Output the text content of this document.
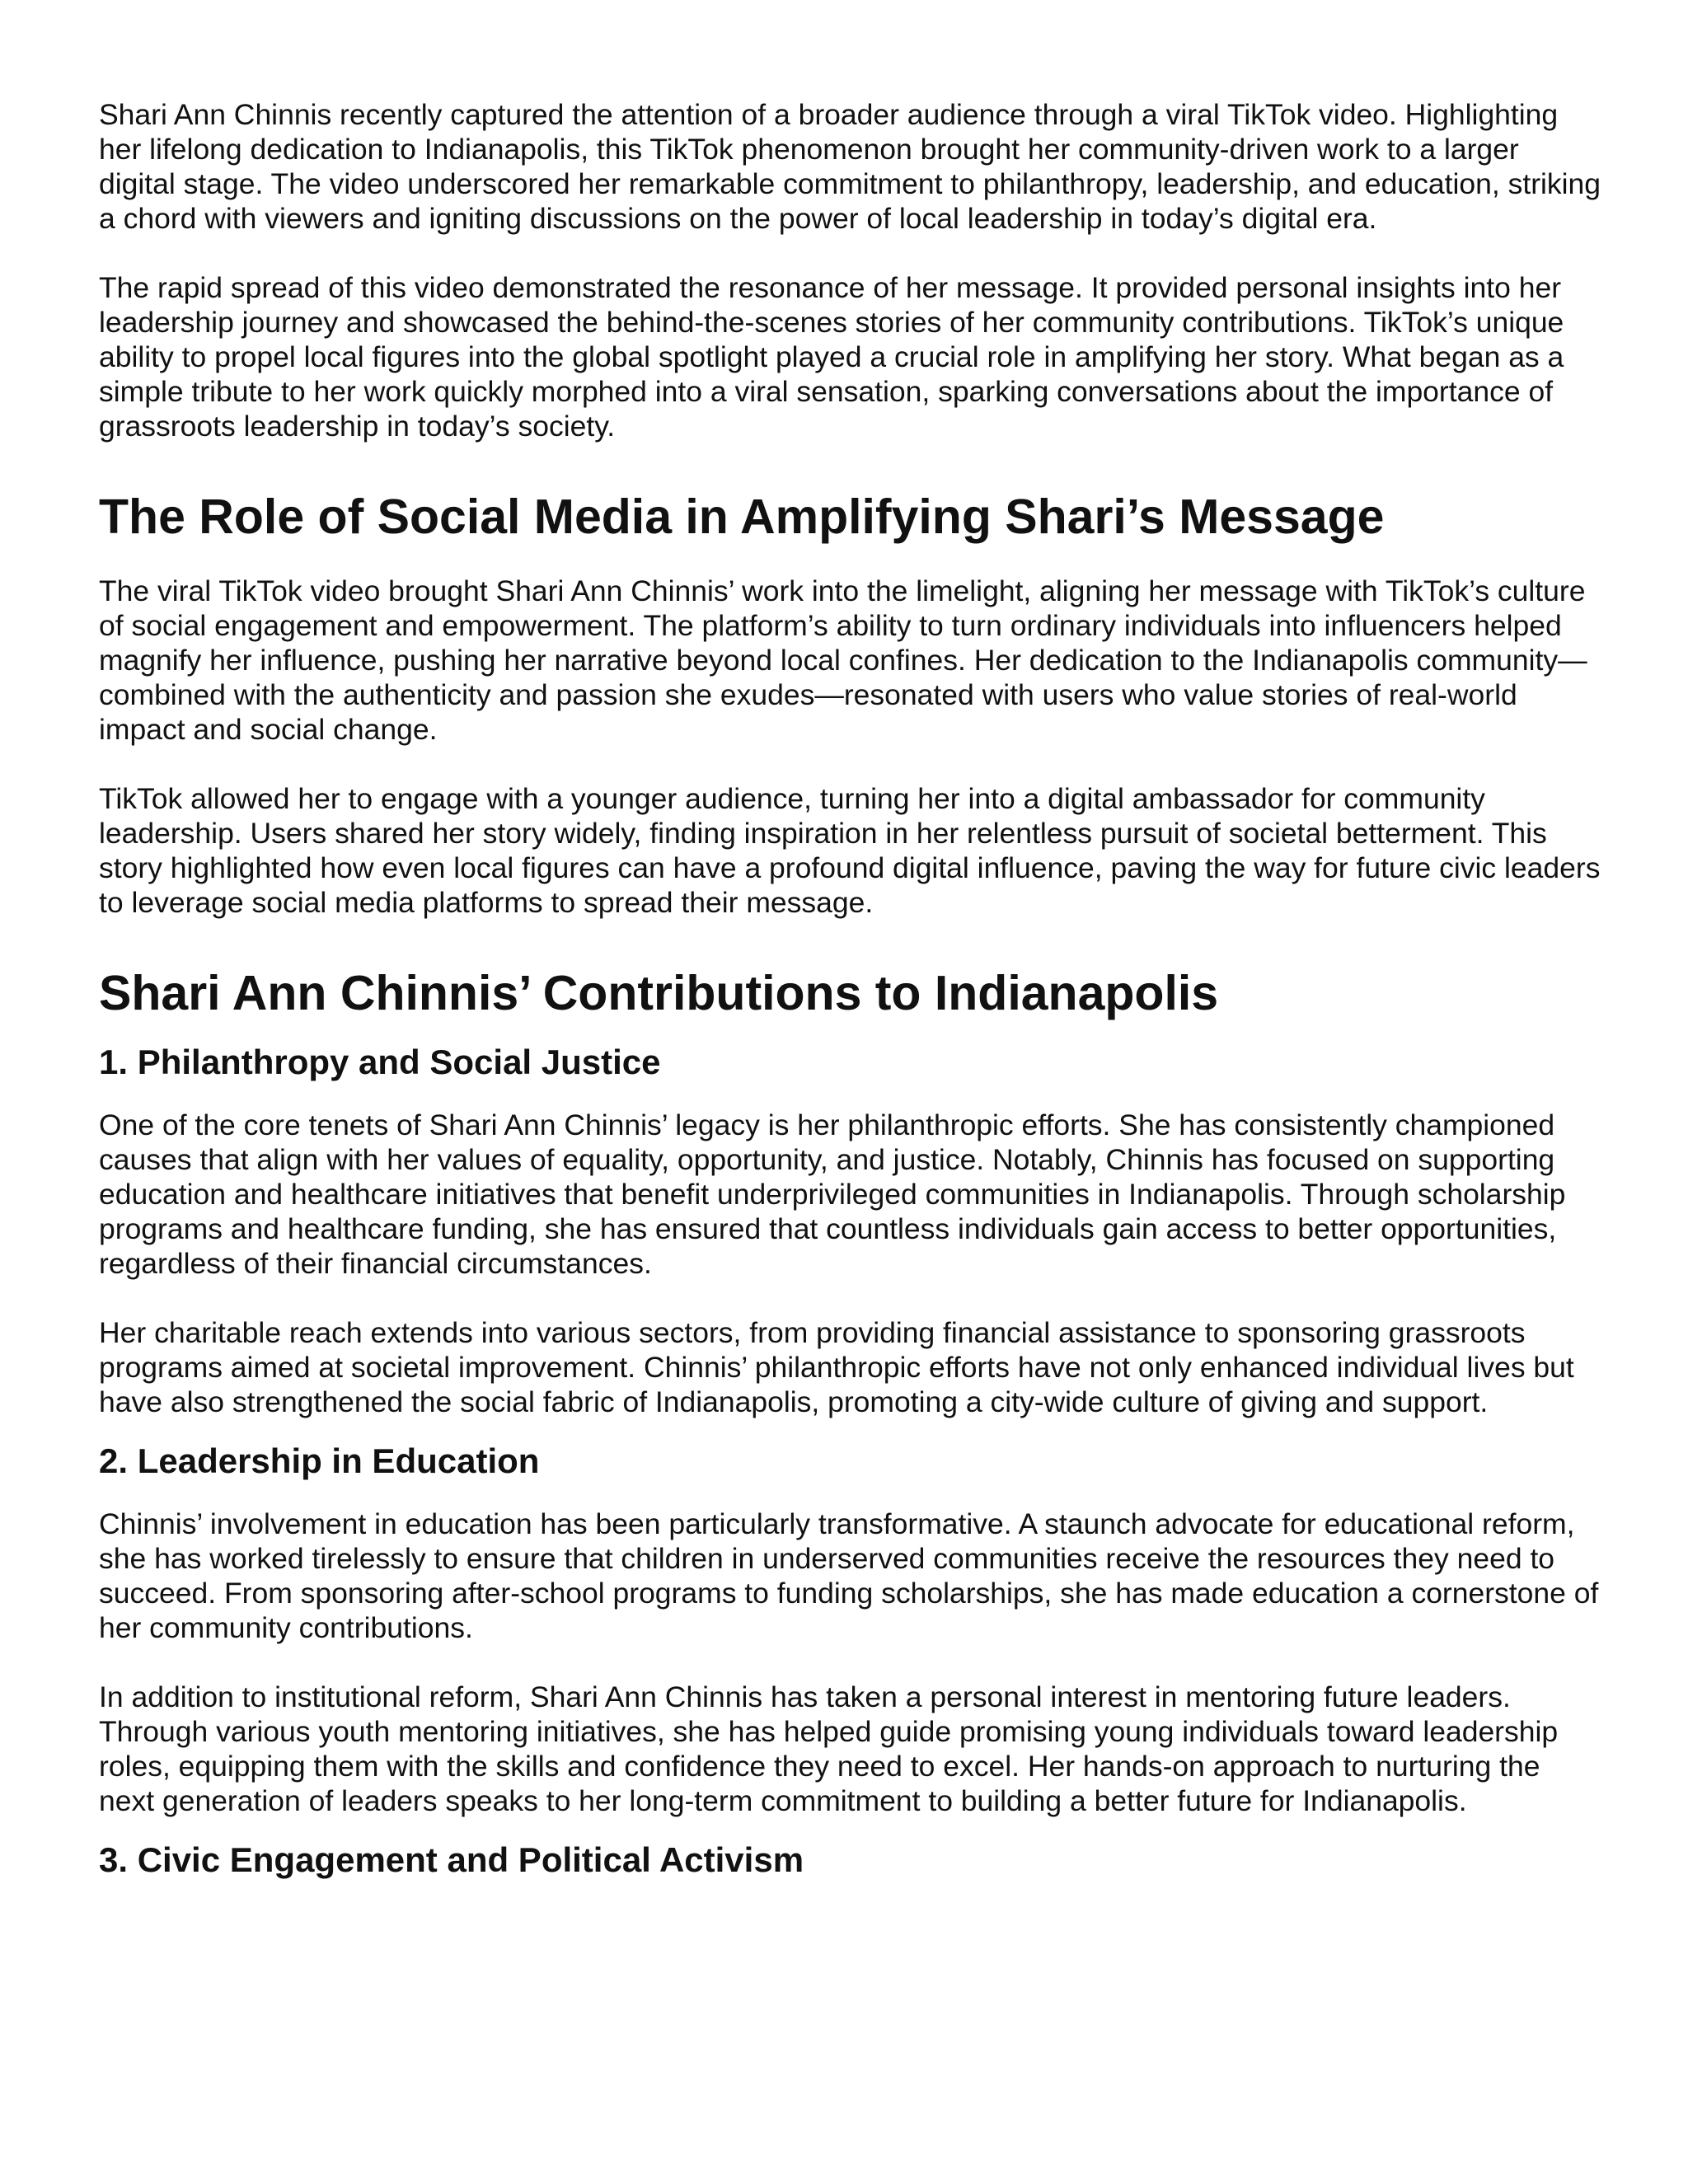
Shari Ann Chinnis recently captured the attention of a broader audience through a viral TikTok video. Highlighting her lifelong dedication to Indianapolis, this TikTok phenomenon brought her community-driven work to a larger digital stage. The video underscored her remarkable commitment to philanthropy, leadership, and education, striking a chord with viewers and igniting discussions on the power of local leadership in today’s digital era.

The rapid spread of this video demonstrated the resonance of her message. It provided personal insights into her leadership journey and showcased the behind-the-scenes stories of her community contributions. TikTok’s unique ability to propel local figures into the global spotlight played a crucial role in amplifying her story. What began as a simple tribute to her work quickly morphed into a viral sensation, sparking conversations about the importance of grassroots leadership in today’s society.

The Role of Social Media in Amplifying Shari’s Message

The viral TikTok video brought Shari Ann Chinnis’ work into the limelight, aligning her message with TikTok’s culture of social engagement and empowerment. The platform’s ability to turn ordinary individuals into influencers helped magnify her influence, pushing her narrative beyond local confines. Her dedication to the Indianapolis community—combined with the authenticity and passion she exudes—resonated with users who value stories of real-world impact and social change.

TikTok allowed her to engage with a younger audience, turning her into a digital ambassador for community leadership. Users shared her story widely, finding inspiration in her relentless pursuit of societal betterment. This story highlighted how even local figures can have a profound digital influence, paving the way for future civic leaders to leverage social media platforms to spread their message.

Shari Ann Chinnis’ Contributions to Indianapolis
1. Philanthropy and Social Justice

One of the core tenets of Shari Ann Chinnis’ legacy is her philanthropic efforts. She has consistently championed causes that align with her values of equality, opportunity, and justice. Notably, Chinnis has focused on supporting education and healthcare initiatives that benefit underprivileged communities in Indianapolis. Through scholarship programs and healthcare funding, she has ensured that countless individuals gain access to better opportunities, regardless of their financial circumstances.

Her charitable reach extends into various sectors, from providing financial assistance to sponsoring grassroots programs aimed at societal improvement. Chinnis’ philanthropic efforts have not only enhanced individual lives but have also strengthened the social fabric of Indianapolis, promoting a city-wide culture of giving and support.

2. Leadership in Education

Chinnis’ involvement in education has been particularly transformative. A staunch advocate for educational reform, she has worked tirelessly to ensure that children in underserved communities receive the resources they need to succeed. From sponsoring after-school programs to funding scholarships, she has made education a cornerstone of her community contributions.

In addition to institutional reform, Shari Ann Chinnis has taken a personal interest in mentoring future leaders. Through various youth mentoring initiatives, she has helped guide promising young individuals toward leadership roles, equipping them with the skills and confidence they need to excel. Her hands-on approach to nurturing the next generation of leaders speaks to her long-term commitment to building a better future for Indianapolis.

3. Civic Engagement and Political Activism
